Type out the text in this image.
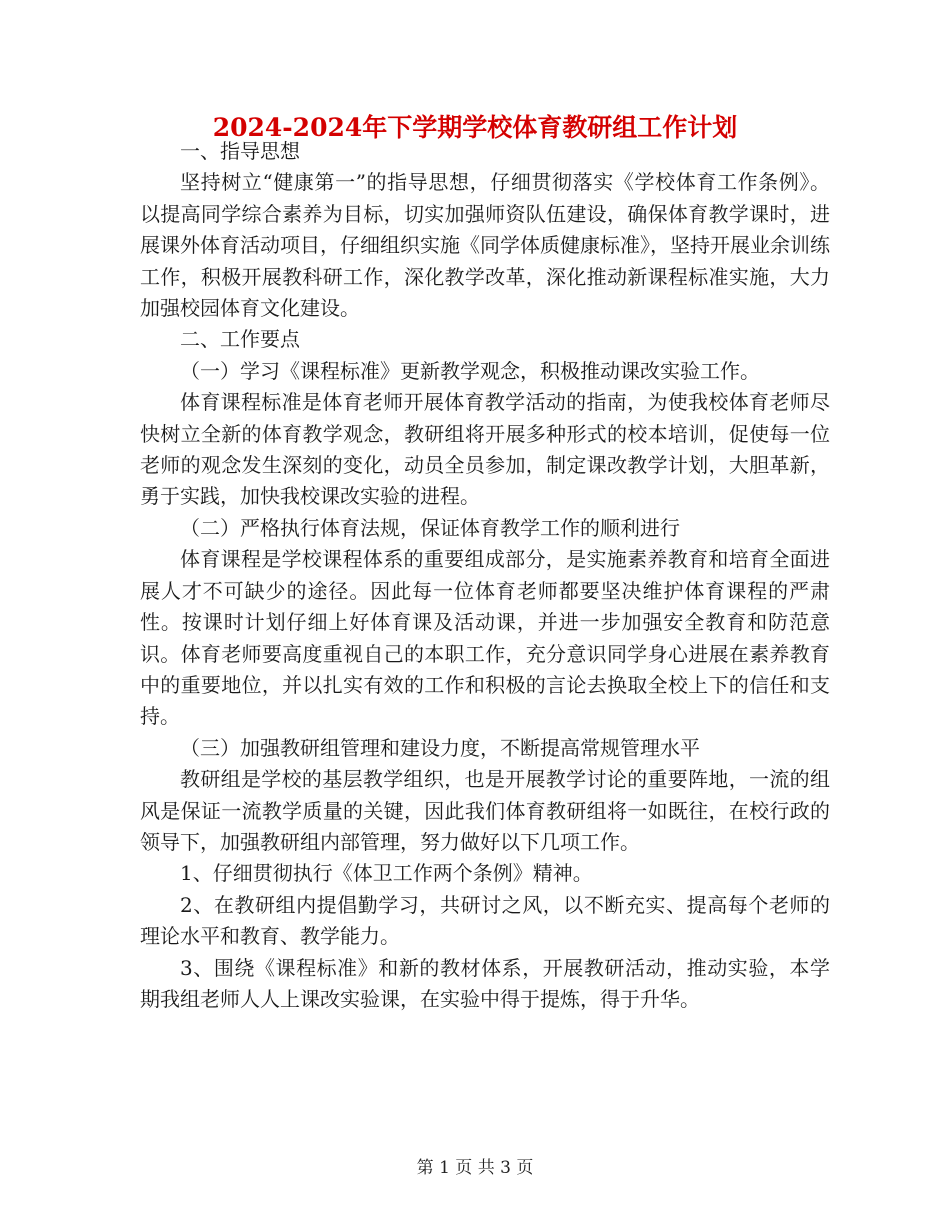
2024-2024年下学期学校体育教研组工作计划

一、指导思想

坚持树立“健康第一”的指导思想，仔细贯彻落实《学校体育工作条例》。以提高同学综合素养为目标，切实加强师资队伍建设，确保体育教学课时，进展课外体育活动项目，仔细组织实施《同学体质健康标准》，坚持开展业余训练工作，积极开展教科研工作，深化教学改革，深化推动新课程标准实施，大力加强校园体育文化建设。

二、工作要点

（一）学习《课程标准》更新教学观念，积极推动课改实验工作。

体育课程标准是体育老师开展体育教学活动的指南，为使我校体育老师尽快树立全新的体育教学观念，教研组将开展多种形式的校本培训，促使每一位老师的观念发生深刻的变化，动员全员参加，制定课改教学计划，大胆革新，勇于实践，加快我校课改实验的进程。

（二）严格执行体育法规，保证体育教学工作的顺利进行

体育课程是学校课程体系的重要组成部分，是实施素养教育和培育全面进展人才不可缺少的途径。因此每一位体育老师都要坚决维护体育课程的严肃性。按课时计划仔细上好体育课及活动课，并进一步加强安全教育和防范意识。体育老师要高度重视自己的本职工作，充分意识同学身心进展在素养教育中的重要地位，并以扎实有效的工作和积极的言论去换取全校上下的信任和支持。

（三）加强教研组管理和建设力度，不断提高常规管理水平

教研组是学校的基层教学组织，也是开展教学讨论的重要阵地，一流的组风是保证一流教学质量的关键，因此我们体育教研组将一如既往，在校行政的领导下，加强教研组内部管理，努力做好以下几项工作。

1、仔细贯彻执行《体卫工作两个条例》精神。

2、在教研组内提倡勤学习，共研讨之风，以不断充实、提高每个老师的理论水平和教育、教学能力。

3、围绕《课程标准》和新的教材体系，开展教研活动，推动实验，本学期我组老师人人上课改实验课，在实验中得于提炼，得于升华。

第 1 页 共 3 页
